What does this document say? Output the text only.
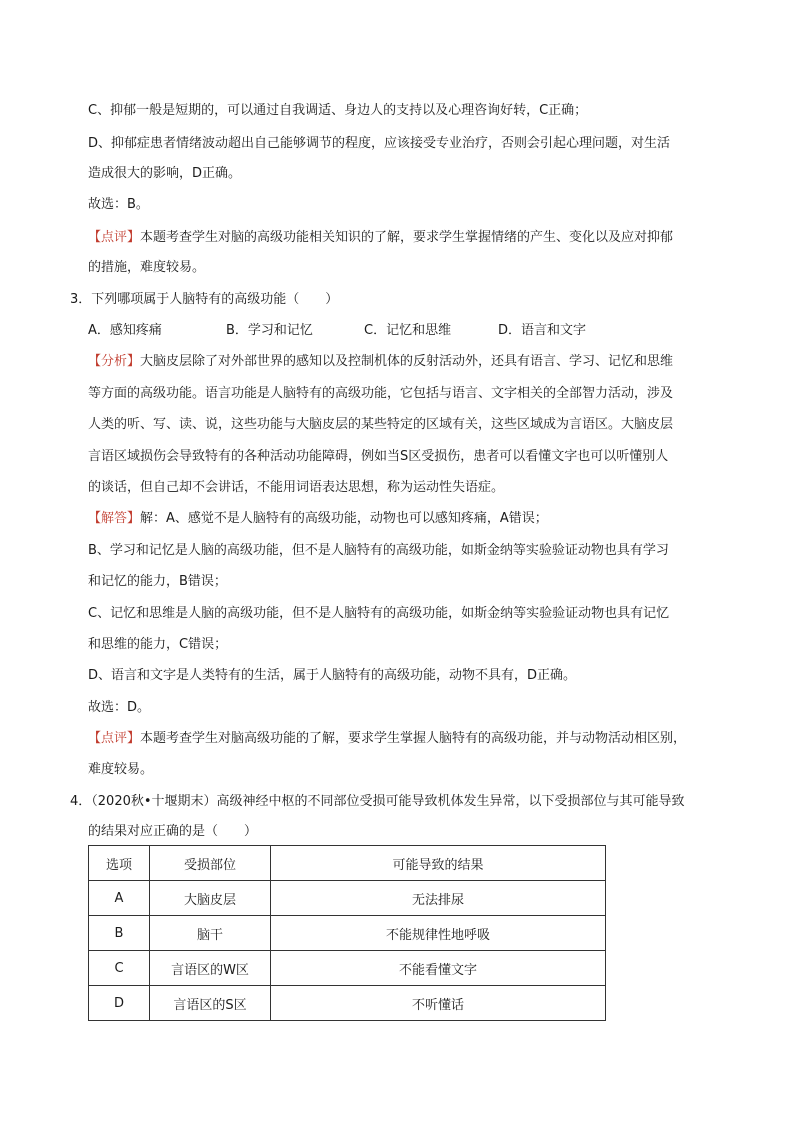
C、抑郁一般是短期的，可以通过自我调适、身边人的支持以及心理咨询好转，C正确；
D、抑郁症患者情绪波动超出自己能够调节的程度，应该接受专业治疗，否则会引起心理问题，对生活
造成很大的影响，D正确。
故选：B。
【点评】本题考查学生对脑的高级功能相关知识的了解，要求学生掌握情绪的产生、变化以及应对抑郁
的措施，难度较易。
3．下列哪项属于人脑特有的高级功能（　　）
A．感知疼痛	B．学习和记忆	C．记忆和思维	D．语言和文字
【分析】大脑皮层除了对外部世界的感知以及控制机体的反射活动外，还具有语言、学习、记忆和思维
等方面的高级功能。语言功能是人脑特有的高级功能，它包括与语言、文字相关的全部智力活动，涉及
人类的听、写、读、说，这些功能与大脑皮层的某些特定的区域有关，这些区域成为言语区。大脑皮层
言语区域损伤会导致特有的各种活动功能障碍，例如当S区受损伤，患者可以看懂文字也可以听懂别人
的谈话，但自己却不会讲话，不能用词语表达思想，称为运动性失语症。
【解答】解：A、感觉不是人脑特有的高级功能，动物也可以感知疼痛，A错误；
B、学习和记忆是人脑的高级功能，但不是人脑特有的高级功能，如斯金纳等实验验证动物也具有学习
和记忆的能力，B错误；
C、记忆和思维是人脑的高级功能，但不是人脑特有的高级功能，如斯金纳等实验验证动物也具有记忆
和思维的能力，C错误；
D、语言和文字是人类特有的生活，属于人脑特有的高级功能，动物不具有，D正确。
故选：D。
【点评】本题考查学生对脑高级功能的了解，要求学生掌握人脑特有的高级功能，并与动物活动相区别，
难度较易。
4．（2020秋•十堰期末）高级神经中枢的不同部位受损可能导致机体发生异常，以下受损部位与其可能导致
的结果对应正确的是（　　）
选项	受损部位	可能导致的结果
A	大脑皮层	无法排尿
B	脑干	不能规律性地呼吸
C	言语区的W区	不能看懂文字
D	言语区的S区	不听懂话
